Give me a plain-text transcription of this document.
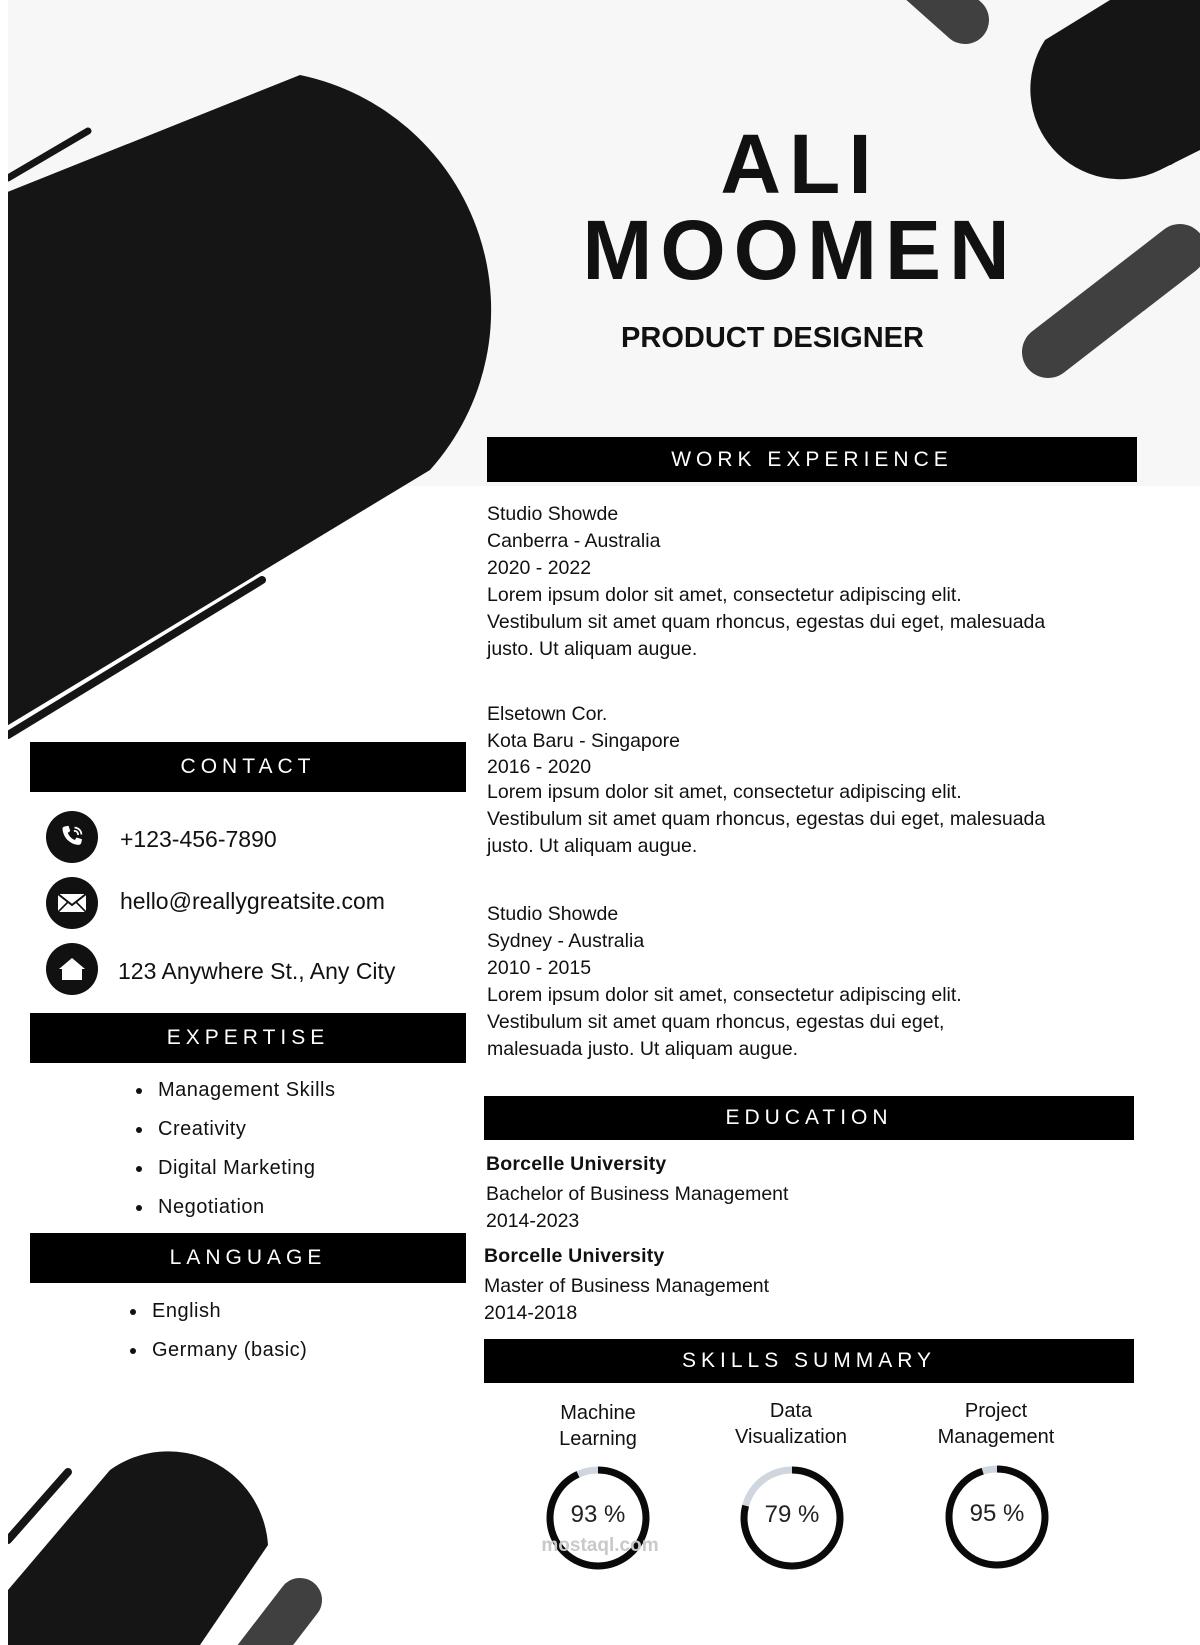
ALI
MOOMEN
PRODUCT DESIGNER
WORK EXPERIENCE
Studio Showde
Canberra - Australia
2020 - 2022
Lorem ipsum dolor sit amet, consectetur adipiscing elit.
Vestibulum sit amet quam rhoncus, egestas dui eget, malesuada
justo. Ut aliquam augue.
Elsetown Cor.
Kota Baru - Singapore
2016 - 2020
Lorem ipsum dolor sit amet, consectetur adipiscing elit.
Vestibulum sit amet quam rhoncus, egestas dui eget, malesuada
justo. Ut aliquam augue.
Studio Showde
Sydney - Australia
2010 - 2015
Lorem ipsum dolor sit amet, consectetur adipiscing elit.
Vestibulum sit amet quam rhoncus, egestas dui eget,
malesuada justo. Ut aliquam augue.
CONTACT
+123-456-7890
hello@reallygreatsite.com
123 Anywhere St., Any City
EXPERTISE
Management Skills
Creativity
Digital Marketing
Negotiation
LANGUAGE
English
Germany (basic)
EDUCATION
Borcelle University
Bachelor of Business Management
2014-2023
Borcelle University
Master of Business Management
2014-2018
SKILLS SUMMARY
Machine
Learning
Data
Visualization
Project
Management
93 %	79 %	95 %
mostaql.com
